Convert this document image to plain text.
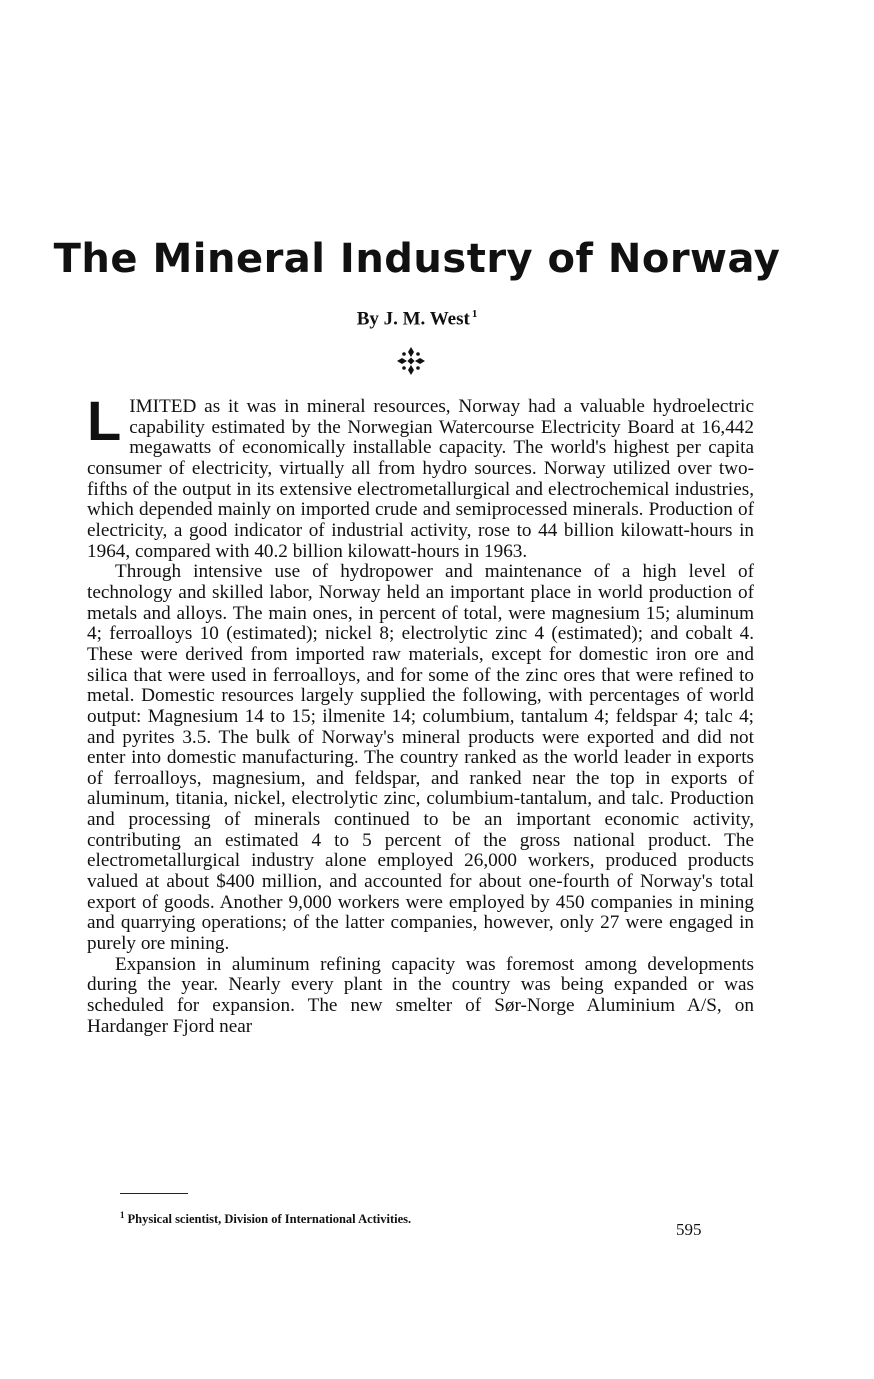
The Mineral Industry of Norway
By J. M. West $^1$

LIMITED as it was in mineral resources, Norway had a valuable hydroelectric capability estimated by the Norwegian Watercourse Electricity Board at 16,442 megawatts of economically installable capacity. The world's highest per capita consumer of electricity, virtually all from hydro sources. Norway utilized over two-fifths of the output in its extensive electrometallurgical and electrochemical industries, which depended mainly on imported crude and semiprocessed minerals. Production of electricity, a good indicator of industrial activity, rose to 44 billion kilowatt-hours in 1964, compared with 40.2 billion kilowatt-hours in 1963.

Through intensive use of hydropower and maintenance of a high level of technology and skilled labor, Norway held an important place in world production of metals and alloys. The main ones, in percent of total, were magnesium 15; aluminum 4; ferroalloys 10 (estimated); nickel 8; electrolytic zinc 4 (estimated); and cobalt 4. These were derived from imported raw materials, except for domestic iron ore and silica that were used in ferroalloys, and for some of the zinc ores that were refined to metal. Domestic resources largely supplied the following, with percentages of world output: Magnesium 14 to 15; ilmenite 14; columbium, tantalum 4; feldspar 4; talc 4; and pyrites 3.5. The bulk of Norway's mineral products were exported and did not enter into domestic manufacturing. The country ranked as the world leader in exports of ferroalloys, magnesium, and feldspar, and ranked near the top in exports of aluminum, titania, nickel, electrolytic zinc, columbium-tantalum, and talc. Production and processing of minerals continued to be an important economic activity, contributing an estimated 4 to 5 percent of the gross national product. The electrometallurgical industry alone employed 26,000 workers, produced products valued at about $400 million, and accounted for about one-fourth of Norway's total export of goods. Another 9,000 workers were employed by 450 companies in mining and quarrying operations; of the latter companies, however, only 27 were engaged in purely ore mining.

Expansion in aluminum refining capacity was foremost among developments during the year. Nearly every plant in the country was being expanded or was scheduled for expansion. The new smelter of Sør-Norge Aluminium A/S, on Hardanger Fjord near

$^1$ Physical scientist, Division of International Activities.
595
